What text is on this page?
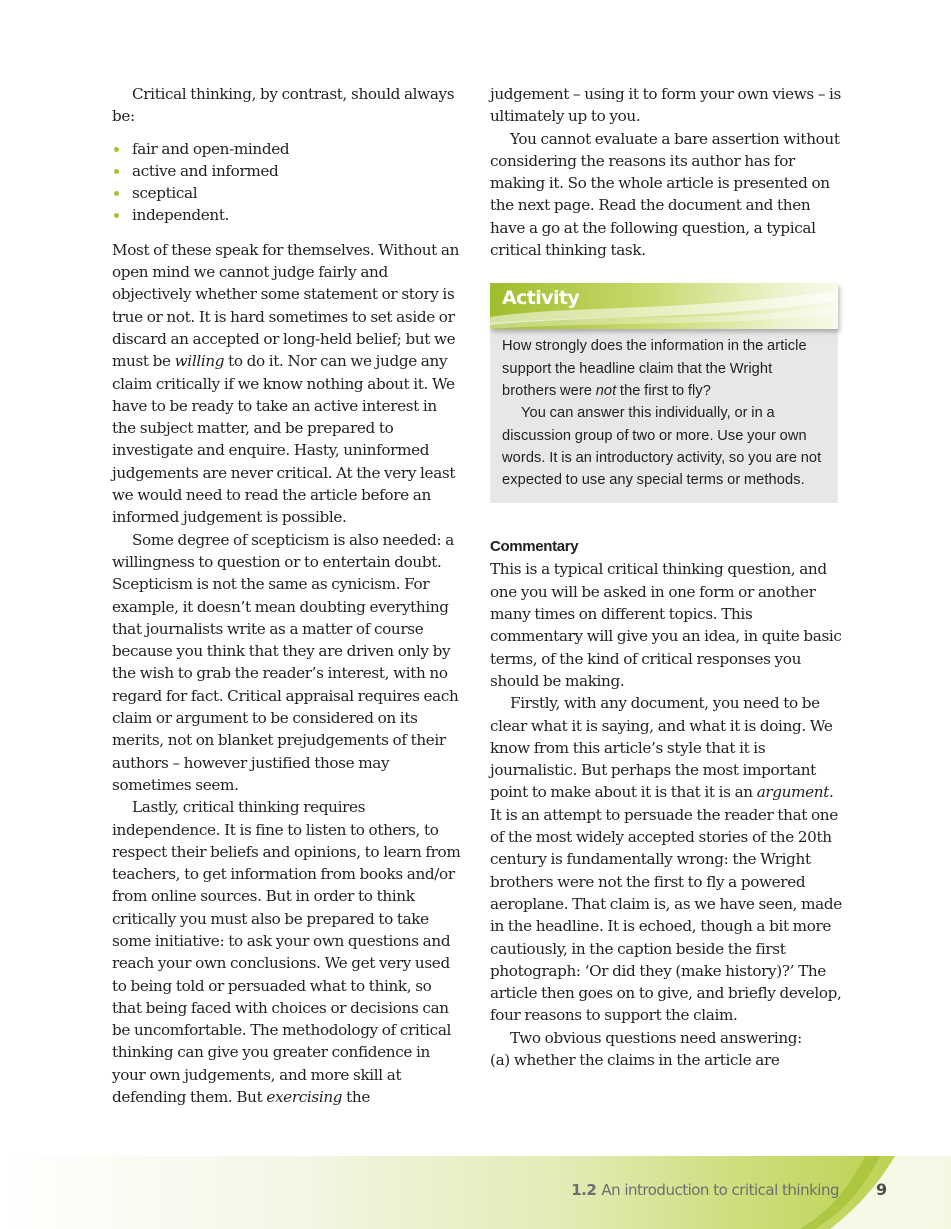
Critical thinking, by contrast, should always be:

fair and open-minded
active and informed
sceptical
independent.

Most of these speak for themselves. Without an open mind we cannot judge fairly and objectively whether some statement or story is true or not. It is hard sometimes to set aside or discard an accepted or long-held belief; but we must be willing to do it. Nor can we judge any claim critically if we know nothing about it. We have to be ready to take an active interest in the subject matter, and be prepared to investigate and enquire. Hasty, uninformed judgements are never critical. At the very least we would need to read the article before an informed judgement is possible.

Some degree of scepticism is also needed: a willingness to question or to entertain doubt. Scepticism is not the same as cynicism. For example, it doesn’t mean doubting everything that journalists write as a matter of course because you think that they are driven only by the wish to grab the reader’s interest, with no regard for fact. Critical appraisal requires each claim or argument to be considered on its merits, not on blanket prejudgements of their authors – however justified those may sometimes seem.

Lastly, critical thinking requires independence. It is fine to listen to others, to respect their beliefs and opinions, to learn from teachers, to get information from books and/or from online sources. But in order to think critically you must also be prepared to take some initiative: to ask your own questions and reach your own conclusions. We get very used to being told or persuaded what to think, so that being faced with choices or decisions can be uncomfortable. The methodology of critical thinking can give you greater confidence in your own judgements, and more skill at defending them. But exercising the

judgement – using it to form your own views – is ultimately up to you.

You cannot evaluate a bare assertion without considering the reasons its author has for making it. So the whole article is presented on the next page. Read the document and then have a go at the following question, a typical critical thinking task.

Activity

How strongly does the information in the article support the headline claim that the Wright brothers were not the first to fly?

You can answer this individually, or in a discussion group of two or more. Use your own words. It is an introductory activity, so you are not expected to use any special terms or methods.

Commentary

This is a typical critical thinking question, and one you will be asked in one form or another many times on different topics. This commentary will give you an idea, in quite basic terms, of the kind of critical responses you should be making.

Firstly, with any document, you need to be clear what it is saying, and what it is doing. We know from this article’s style that it is journalistic. But perhaps the most important point to make about it is that it is an argument. It is an attempt to persuade the reader that one of the most widely accepted stories of the 20th century is fundamentally wrong: the Wright brothers were not the first to fly a powered aeroplane. That claim is, as we have seen, made in the headline. It is echoed, though a bit more cautiously, in the caption beside the first photograph: ‘Or did they (make history)?’ The article then goes on to give, and briefly develop, four reasons to support the claim.

Two obvious questions need answering:

(a) whether the claims in the article are

1.2 An introduction to critical thinking 9
